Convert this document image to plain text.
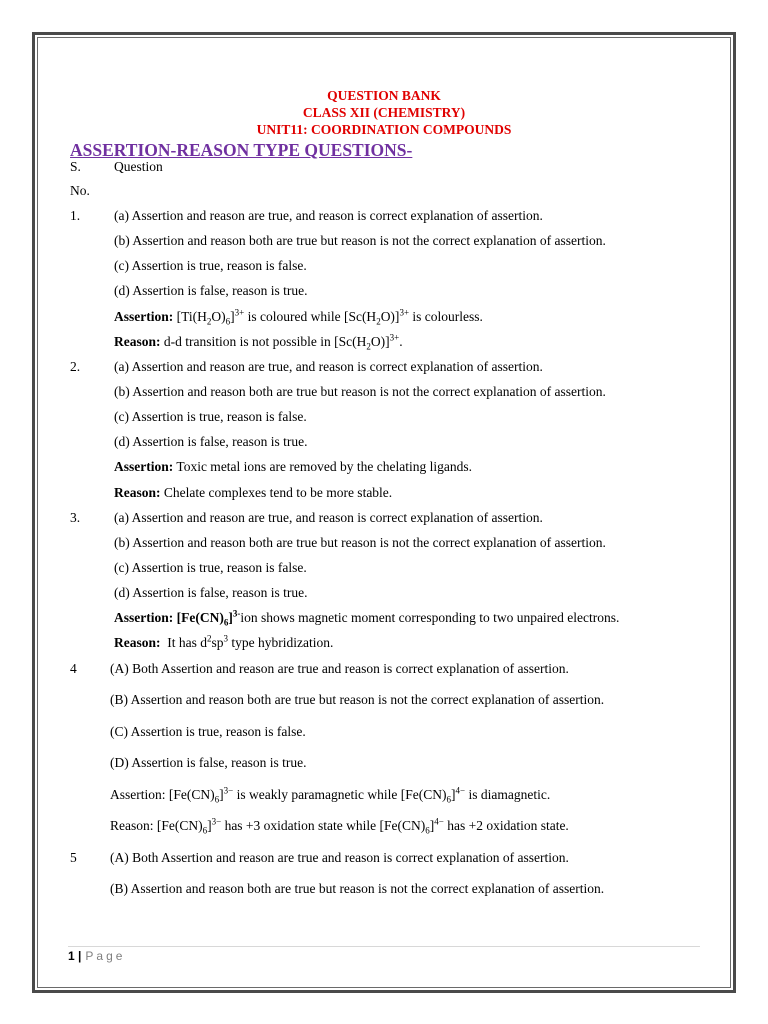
QUESTION BANK
CLASS XII (CHEMISTRY)
UNIT11: COORDINATION COMPOUNDS
ASSERTION-REASON TYPE QUESTIONS-
S. Question
No.
1.	(a) Assertion and reason are true, and reason is correct explanation of assertion.
(b) Assertion and reason both are true but reason is not the correct explanation of assertion.
(c) Assertion is true, reason is false.
(d) Assertion is false, reason is true.
Assertion: $[Ti(H_2O)_6]^{3+}$ is coloured while $[Sc(H_2O)]^{3+}$ is colourless.
Reason: d-d transition is not possible in $[Sc(H_2O)]^{3+}$.
2.	(a) Assertion and reason are true, and reason is correct explanation of assertion.
(b) Assertion and reason both are true but reason is not the correct explanation of assertion.
(c) Assertion is true, reason is false.
(d) Assertion is false, reason is true.
Assertion: Toxic metal ions are removed by the chelating ligands.
Reason: Chelate complexes tend to be more stable.
3.	(a) Assertion and reason are true, and reason is correct explanation of assertion.
(b) Assertion and reason both are true but reason is not the correct explanation of assertion.
(c) Assertion is true, reason is false.
(d) Assertion is false, reason is true.
Assertion: $[Fe(CN)_6]^{3-}ion$ shows magnetic moment corresponding to two unpaired electrons.
Reason: It has $d^2sp^3$ type hybridization.
4 (A) Both Assertion and reason are true and reason is correct explanation of assertion.
(B) Assertion and reason both are true but reason is not the correct explanation of assertion.
(C) Assertion is true, reason is false.
(D) Assertion is false, reason is true.
Assertion: $[Fe(CN)_6]^{3-}$ is weakly paramagnetic while $[Fe(CN)_6]^{4-}$ is diamagnetic.
Reason: $[Fe(CN)_6]^{3-}$ has +3 oxidation state while $[Fe(CN)_6]^{4-}$ has +2 oxidation state.
5 (A) Both Assertion and reason are true and reason is correct explanation of assertion.
(B) Assertion and reason both are true but reason is not the correct explanation of assertion.
1 | Page
